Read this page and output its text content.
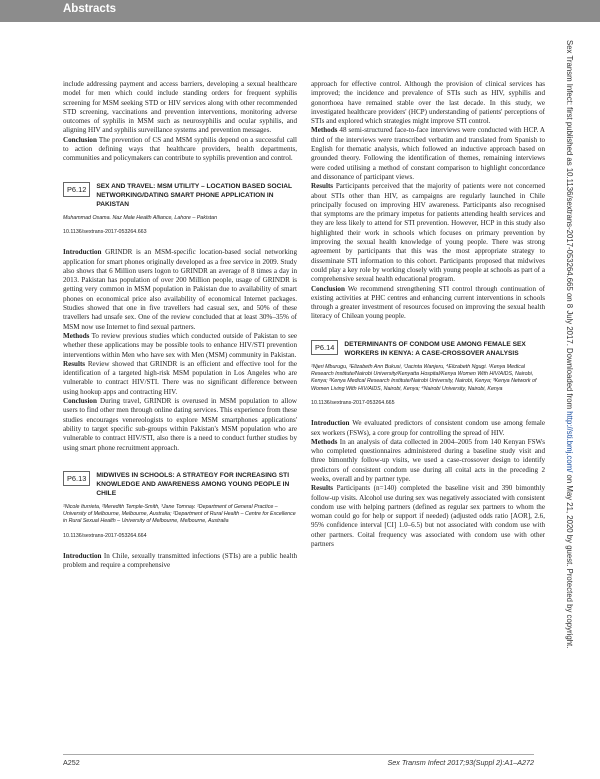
Abstracts

include addressing payment and access barriers, developing a sexual healthcare model for men which could include standing orders for frequent syphilis screening for MSM seeking STD or HIV services along with other recommended STD screening, vaccinations and prevention interventions, monitoring adverse outcomes of syphilis in MSM such as neurosyphilis and ocular syphilis, and aligning HIV and syphilis surveillance systems and prevention messages.

Conclusion The prevention of CS and MSM syphilis depend on a successful call to action defining ways that healthcare providers, health departments, communities and policymakers can contribute to syphilis prevention and control.

P6.12	SEX AND TRAVEL: MSM UTILITY – LOCATION BASED SOCIAL NETWORKING/DATING SMART PHONE APPLICATION IN PAKISTAN
Muhammad Osama. Naz Male Health Alliance, Lahore – Pakistan
10.1136/sextrans-2017-053264.663

Introduction GRINDR is an MSM-specific location-based social networking application for smart phones originally developed as a free service in 2009. Study also shows that 6 Million users logon to GRINDR an average of 8 times a day in 2013. Pakistan has population of over 200 Million people, usage of GRINDR is getting very common in MSM population in Pakistan due to availability of smart phones on economical price also availability of economical Internet packages. Studies showed that one in five travellers had casual sex, and 50% of these travellers had unsafe sex. One of the review concluded that at least 30%–35% of MSM now use Internet to find sexual partners.

Methods To review previous studies which conducted outside of Pakistan to see whether these applications may be possible tools to enhance HIV/STI prevention interventions within Men who have sex with Men (MSM) community in Pakistan.

Results Review showed that GRINDR is an efficient and effective tool for the identification of a targeted high-risk MSM population in Los Angeles who are vulnerable to contract HIV/STI. There was no significant difference between using hookup apps and contracting HIV.

Conclusion During travel, GRINDR is overused in MSM population to allow users to find other men through online dating services. This experience from these studies encourages venereologists to explore MSM smartphones applications' ability to target specific sub-groups within Pakistan's MSM population who are vulnerable to contract HIV/STI, also there is a need to conduct further studies by using smart phone recruitment approach.

P6.13	MIDWIVES IN SCHOOLS: A STRATEGY FOR INCREASING STI KNOWLEDGE AND AWARENESS AMONG YOUNG PEOPLE IN CHILE
¹Nicole Iturrieta, ²Meredith Temple-Smith, ³Jane Tomnay. ¹Department of General Practice – University of Melbourne, Melbourne, Australia; ²Department of Rural Health – Centre for Excellence in Rural Sexual Health – University of Melbourne, Melbourne, Australia
10.1136/sextrans-2017-053264.664

Introduction In Chile, sexually transmitted infections (STIs) are a public health problem and require a comprehensive

approach for effective control. Although the provision of clinical services has improved; the incidence and prevalence of STIs such as HIV, syphilis and gonorrhoea have remained stable over the last decade. In this study, we investigated healthcare providers' (HCP) understanding of patients' perceptions of STIs and explored which strategies might improve STI control.

Methods 48 semi-structured face-to-face interviews were conducted with HCP. A third of the interviews were transcribed verbatim and translated from Spanish to English for thematic analysis, which followed an inductive approach based on grounded theory. Following the identification of themes, remaining interviews were coded utilising a method of constant comparison to highlight concordance and dissonance of participant views.

Results Participants perceived that the majority of patients were not concerned about STIs other than HIV, as campaigns are regularly launched in Chile principally focused on improving HIV awareness. Participants also recognised that symptoms are the primary impetus for patients attending health services and they are less likely to attend for STI prevention. However, HCP in this study also highlighted their work in schools which focuses on primary prevention by improving the sexual health knowledge of young people. There was strong agreement by participants that this was the most appropriate strategy to disseminate STI information to this cohort. Participants proposed that midwives could play a key role by working closely with young people at schools as part of a comprehensive sexual health educational program.

Conclusion We recommend strengthening STI control through continuation of existing activities at PHC centres and enhancing current interventions in schools through a greater investment of resources focused on improving the sexual health literacy of Chilean young people.

P6.14	DETERMINANTS OF CONDOM USE AMONG FEMALE SEX WORKERS IN KENYA: A CASE-CROSSOVER ANALYSIS
¹Njeri Mburugu, ²Elizabeth Ann Bukusi, ³Jacinta Wanjeru, ⁴Elizabeth Ngugi. ¹Kenya Medical Research Institute/Nairobi University/Kenyatta Hospital/Kenya Women With HIV/AIDS, Nairobi, Kenya; ²Kenya Medical Research Institute/Nairobi University, Nairobi, Kenya; ³Kenya Network of Women Living With HIV/AIDS, Nairobi, Kenya; ⁴Nairobi University, Nairobi, Kenya
10.1136/sextrans-2017-053264.665

Introduction We evaluated predictors of consistent condom use among female sex workers (FSWs), a core group for controlling the spread of HIV.

Methods In an analysis of data collected in 2004–2005 from 140 Kenyan FSWs who completed questionnaires administered during a baseline study visit and three bimonthly follow-up visits, we used a case-crossover design to identify predictors of consistent condom use during all coital acts in the preceding 2 weeks, overall and by partner type.

Results Participants (n=140) completed the baseline visit and 390 bimonthly follow-up visits. Alcohol use during sex was negatively associated with consistent condom use with helping partners (defined as regular sex partners to whom the woman could go for help or support if needed) (adjusted odds ratio [AOR], 2.6, 95% confidence interval [CI] 1.0–6.5) but not associated with condom use with other partners. Coital frequency was associated with condom use with other partners

Sex Transm Infect: first published as 10.1136/sextrans-2017-053264.665 on 8 July 2017. Downloaded from http://sti.bmj.com/ on May 21, 2020 by guest. Protected by copyright.
A252	Sex Transm Infect 2017;93(Suppl 2):A1–A272
